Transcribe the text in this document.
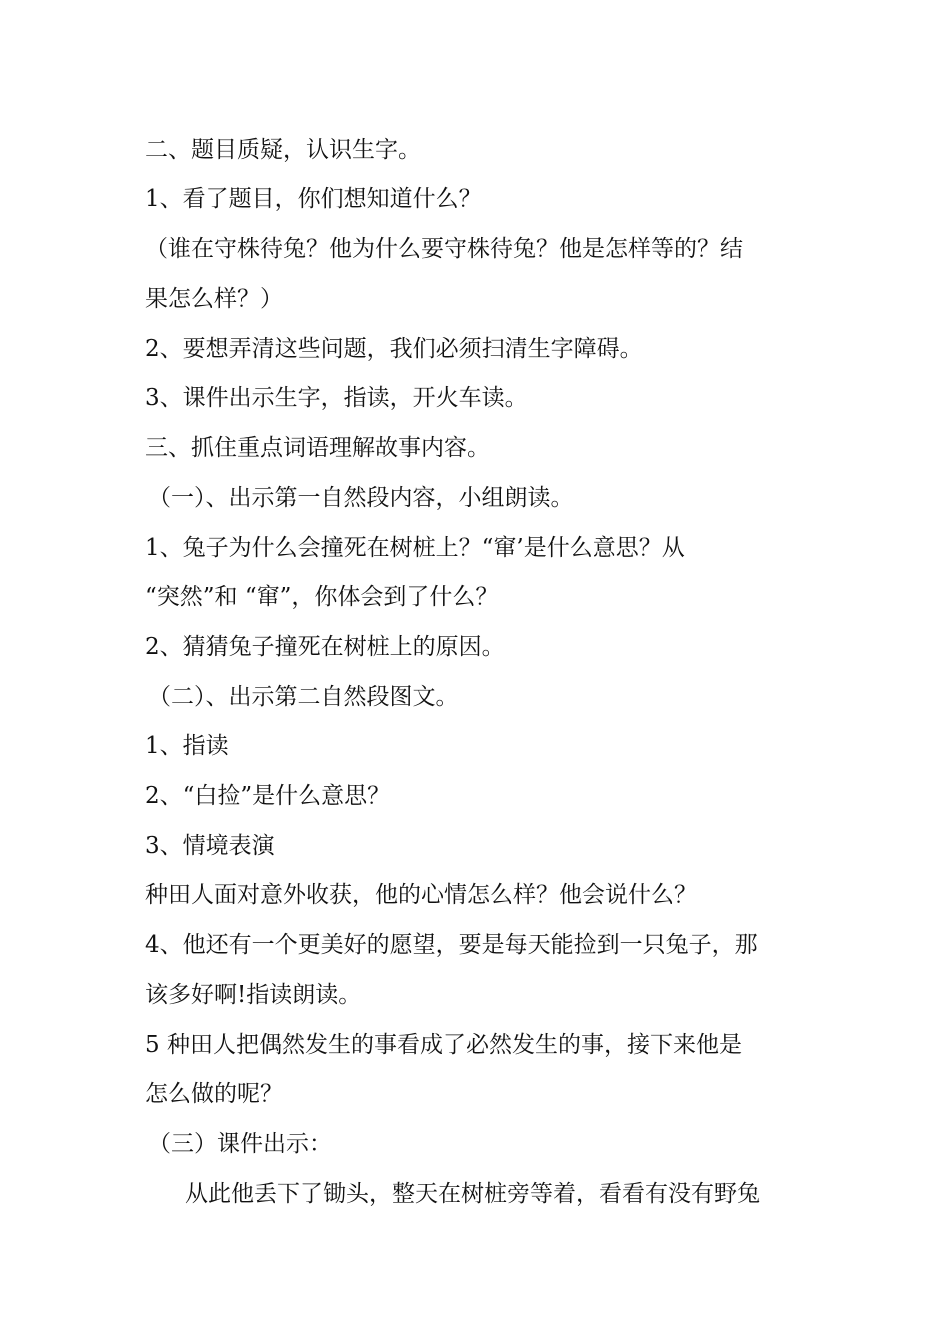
二、题目质疑，认识生字。
1、看了题目，你们想知道什么？
（谁在守株待兔？他为什么要守株待兔？他是怎样等的？结
果怎么样？）
2、要想弄清这些问题，我们必须扫清生字障碍。
3、课件出示生字，指读，开火车读。
三、抓住重点词语理解故事内容。
（一）、出示第一自然段内容，小组朗读。
1、兔子为什么会撞死在树桩上？“窜’是什么意思？从
“突然”和 “窜”，你体会到了什么？
2、猜猜兔子撞死在树桩上的原因。
（二）、出示第二自然段图文。
1、指读
2、“白捡”是什么意思？
3、情境表演
种田人面对意外收获，他的心情怎么样？他会说什么？
4、他还有一个更美好的愿望，要是每天能捡到一只兔子，那
该多好啊!指读朗读。
5 种田人把偶然发生的事看成了必然发生的事，接下来他是
怎么做的呢？
（三）课件出示：
从此他丢下了锄头，整天在树桩旁等着，看看有没有野兔
